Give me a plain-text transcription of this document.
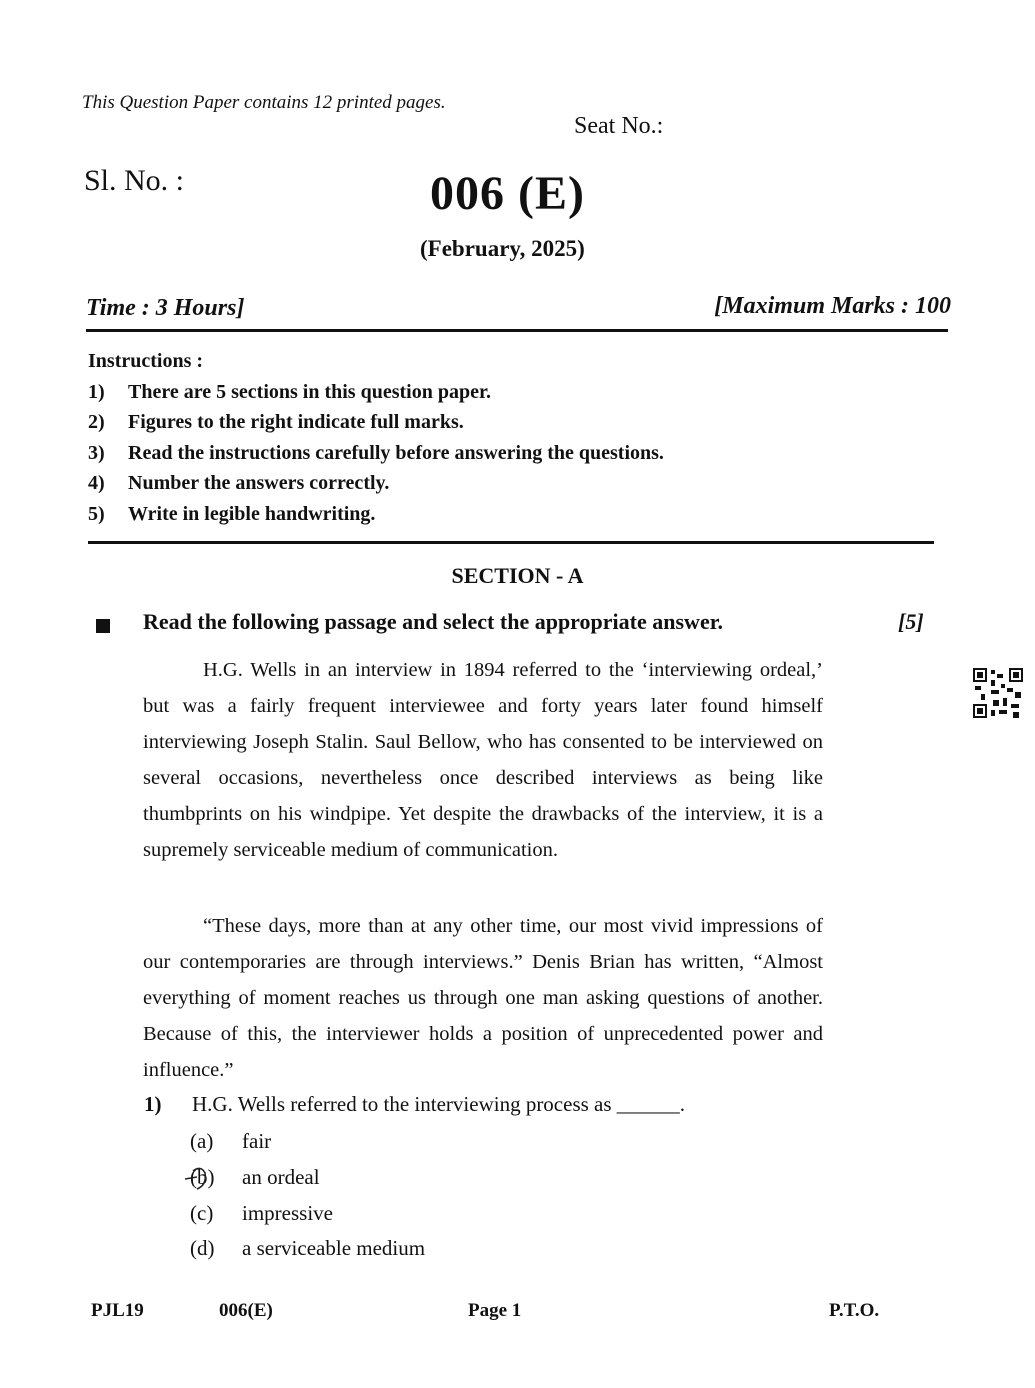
This Question Paper contains 12 printed pages.
Seat No.:
Sl. No. :	006 (E)
(February, 2025)
Time : 3 Hours]	[Maximum Marks : 100
Instructions :
1)	There are 5 sections in this question paper.
2)	Figures to the right indicate full marks.
3)	Read the instructions carefully before answering the questions.
4)	Number the answers correctly.
5)	Write in legible handwriting.
SECTION - A
Read the following passage and select the appropriate answer.	[5]

H.G. Wells in an interview in 1894 referred to the ‘interviewing ordeal,’ but was a fairly frequent interviewee and forty years later found himself interviewing Joseph Stalin. Saul Bellow, who has consented to be interviewed on several occasions, nevertheless once described interviews as being like thumbprints on his windpipe. Yet despite the drawbacks of the interview, it is a supremely serviceable medium of communication.

“These days, more than at any other time, our most vivid impressions of our contemporaries are through interviews.” Denis Brian has written, “Almost everything of moment reaches us through one man asking questions of another. Because of this, the interviewer holds a position of unprecedented power and influence.”

1) H.G. Wells referred to the interviewing process as ______.
(a) fair
(b) an ordeal
(c) impressive
(d) a serviceable medium
PJL19	006(E)	Page 1	P.T.O.
